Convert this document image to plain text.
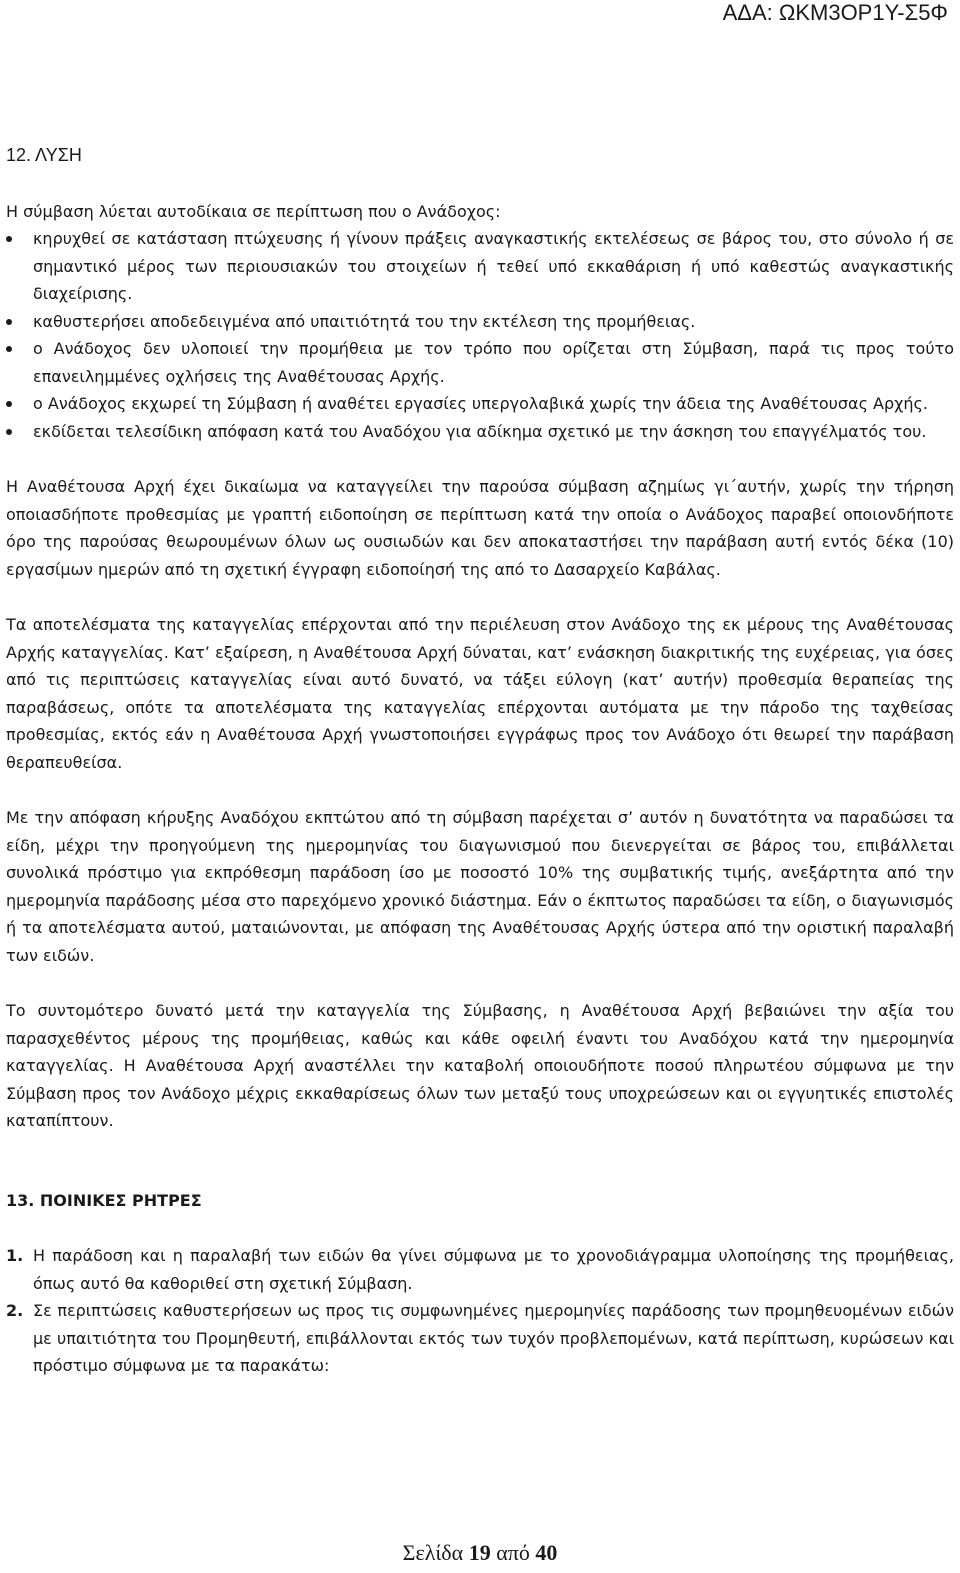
ΑΔΑ: ΩΚΜ3ΟΡ1Υ-Σ5Φ

12. ΛΥΣΗ

Η σύμβαση λύεται αυτοδίκαια σε περίπτωση που ο Ανάδοχος:

κηρυχθεί σε κατάσταση πτώχευσης ή γίνουν πράξεις αναγκαστικής εκτελέσεως σε βάρος του, στο σύνολο ή σε σημαντικό μέρος των περιουσιακών του στοιχείων ή τεθεί υπό εκκαθάριση ή υπό καθεστώς αναγκαστικής διαχείρισης.
καθυστερήσει αποδεδειγμένα από υπαιτιότητά του την εκτέλεση της προμήθειας.
ο Ανάδοχος δεν υλοποιεί την προμήθεια με τον τρόπο που ορίζεται στη Σύμβαση, παρά τις προς τούτο επανειλημμένες οχλήσεις της Αναθέτουσας Αρχής.
ο Ανάδοχος εκχωρεί τη Σύμβαση ή αναθέτει εργασίες υπεργολαβικά χωρίς την άδεια της Αναθέτουσας Αρχής.
εκδίδεται τελεσίδικη απόφαση κατά του Αναδόχου για αδίκημα σχετικό με την άσκηση του επαγγέλματός του.

Η Αναθέτουσα Αρχή έχει δικαίωμα να καταγγείλει την παρούσα σύμβαση αζημίως γι΄αυτήν, χωρίς την τήρηση οποιασδήποτε προθεσμίας με γραπτή ειδοποίηση σε περίπτωση κατά την οποία ο Ανάδοχος παραβεί οποιονδήποτε όρο της παρούσας θεωρουμένων όλων ως ουσιωδών και δεν αποκαταστήσει την παράβαση αυτή εντός δέκα (10) εργασίμων ημερών από τη σχετική έγγραφη ειδοποίησή της από το Δασαρχείο Καβάλας.

Τα αποτελέσματα της καταγγελίας επέρχονται από την περιέλευση στον Ανάδοχο της εκ μέρους της Αναθέτουσας Αρχής καταγγελίας. Κατ’ εξαίρεση, η Αναθέτουσα Αρχή δύναται, κατ’ ενάσκηση διακριτικής της ευχέρειας, για όσες από τις περιπτώσεις καταγγελίας είναι αυτό δυνατό, να τάξει εύλογη (κατ’ αυτήν) προθεσμία θεραπείας της παραβάσεως, οπότε τα αποτελέσματα της καταγγελίας επέρχονται αυτόματα με την πάροδο της ταχθείσας προθεσμίας, εκτός εάν η Αναθέτουσα Αρχή γνωστοποιήσει εγγράφως προς τον Ανάδοχο ότι θεωρεί την παράβαση θεραπευθείσα.

Με την απόφαση κήρυξης Αναδόχου εκπτώτου από τη σύμβαση παρέχεται σ’ αυτόν η δυνατότητα να παραδώσει τα είδη, μέχρι την προηγούμενη της ημερομηνίας του διαγωνισμού που διενεργείται σε βάρος του, επιβάλλεται συνολικά πρόστιμο για εκπρόθεσμη παράδοση ίσο με ποσοστό 10% της συμβατικής τιμής, ανεξάρτητα από την ημερομηνία παράδοσης μέσα στο παρεχόμενο χρονικό διάστημα. Εάν ο έκπτωτος παραδώσει τα είδη, ο διαγωνισμός ή τα αποτελέσματα αυτού, ματαιώνονται, με απόφαση της Αναθέτουσας Αρχής ύστερα από την οριστική παραλαβή των ειδών.

Το συντομότερο δυνατό μετά την καταγγελία της Σύμβασης, η Αναθέτουσα Αρχή βεβαιώνει την αξία του παρασχεθέντος μέρους της προμήθειας, καθώς και κάθε οφειλή έναντι του Αναδόχου κατά την ημερομηνία καταγγελίας. Η Αναθέτουσα Αρχή αναστέλλει την καταβολή οποιουδήποτε ποσού πληρωτέου σύμφωνα με την Σύμβαση προς τον Ανάδοχο μέχρις εκκαθαρίσεως όλων των μεταξύ τους υποχρεώσεων και οι εγγυητικές επιστολές καταπίπτουν.

13. ΠΟΙΝΙΚΕΣ ΡΗΤΡΕΣ

1. Η παράδοση και η παραλαβή των ειδών θα γίνει σύμφωνα με το χρονοδιάγραμμα υλοποίησης της προμήθειας, όπως αυτό θα καθοριθεί στη σχετική Σύμβαση.
2. Σε περιπτώσεις καθυστερήσεων ως προς τις συμφωνημένες ημερομηνίες παράδοσης των προμηθευομένων ειδών με υπαιτιότητα του Προμηθευτή, επιβάλλονται εκτός των τυχόν προβλεπομένων, κατά περίπτωση, κυρώσεων και πρόστιμο σύμφωνα με τα παρακάτω:
Σελίδα 19 από 40
